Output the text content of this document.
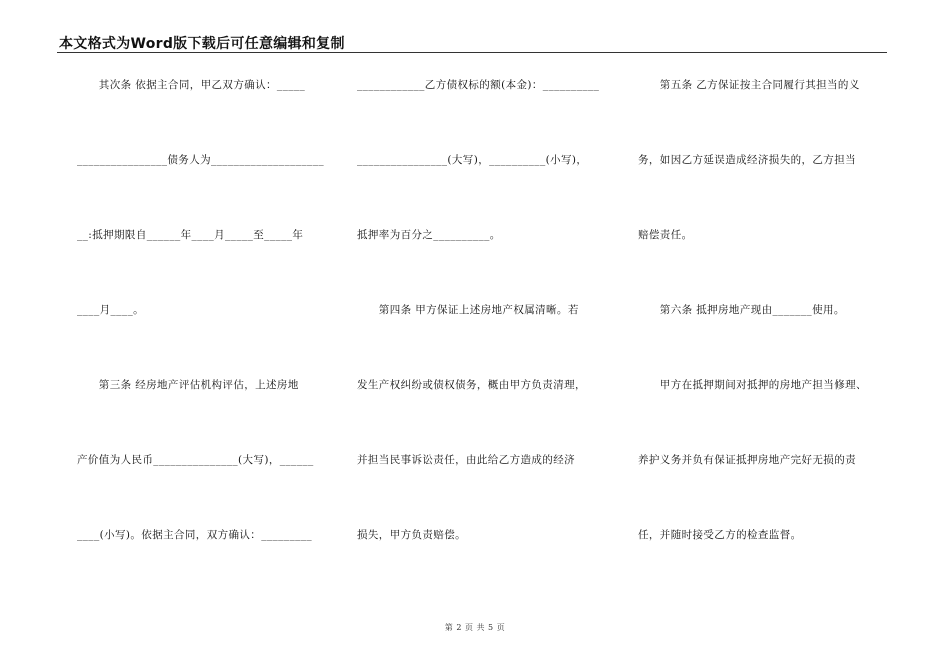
本文格式为Word版下载后可任意编辑和复制
　　其次条 依据主合同，甲乙双方确认：_____
________________债务人为____________________
__:抵押期限自______年____月_____至_____年
____月____。
　　第三条 经房地产评估机构评估，上述房地
产价值为人民币_______________(大写)，______
____(小写)。依据主合同，双方确认：_________
____________乙方债权标的额(本金)：__________
________________(大写)，__________(小写)，
抵押率为百分之__________。
　　第四条 甲方保证上述房地产权属清晰。若
发生产权纠纷或债权债务，概由甲方负责清理，
并担当民事诉讼责任，由此给乙方造成的经济
损失，甲方负责赔偿。
　　第五条 乙方保证按主合同履行其担当的义
务，如因乙方延误造成经济损失的，乙方担当
赔偿责任。
　　第六条 抵押房地产现由_______使用。
　　甲方在抵押期间对抵押的房地产担当修理、
养护义务并负有保证抵押房地产完好无损的责
任，并随时接受乙方的检查监督。
第 2 页 共 5 页
